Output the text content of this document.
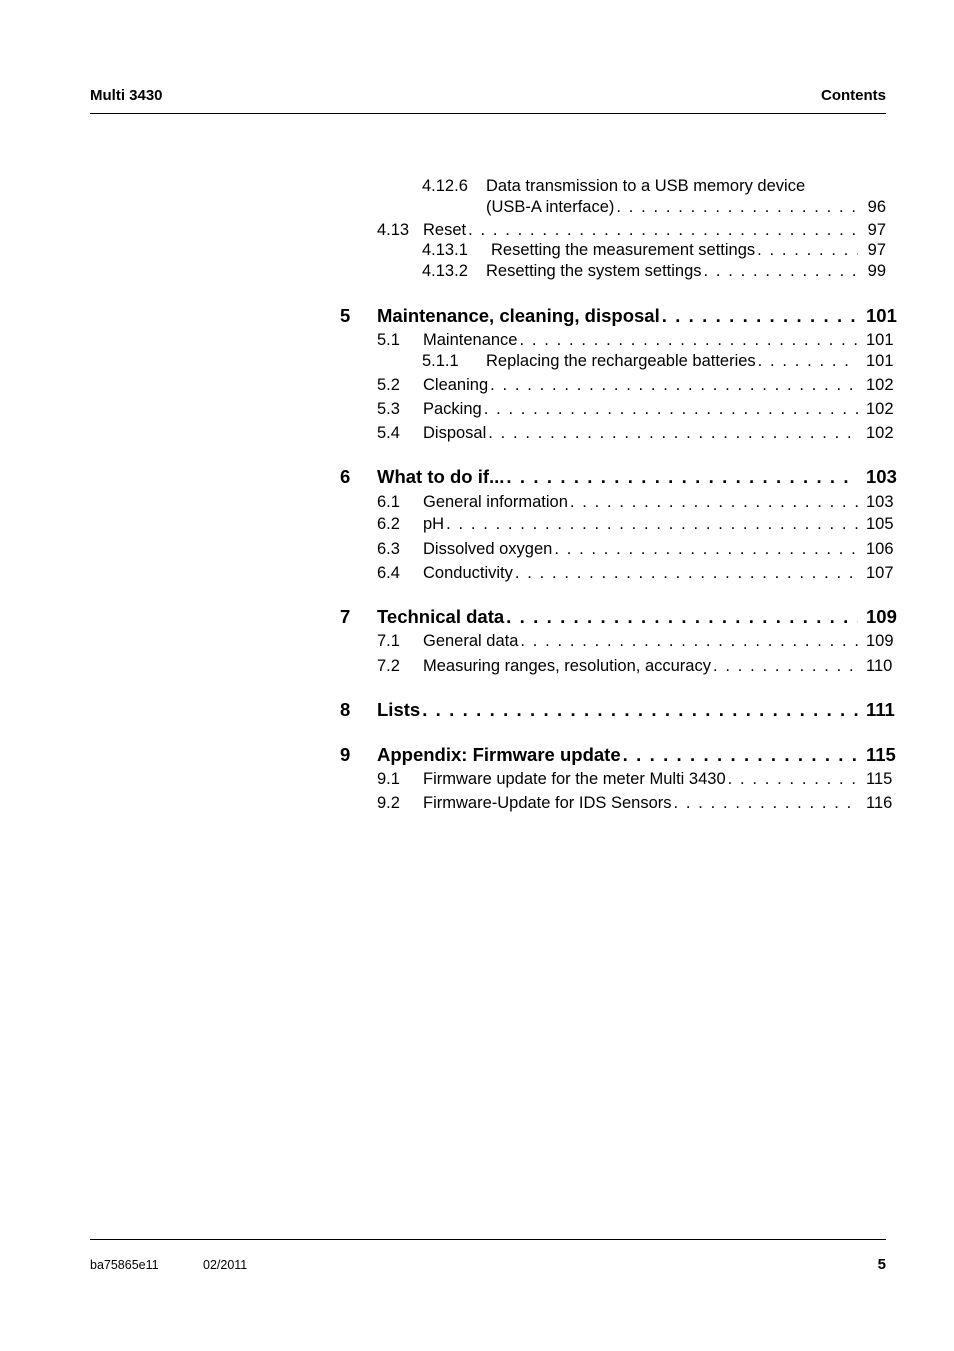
Multi 3430	Contents
4.12.6 Data transmission to a USB memory device
(USB-A interface) . . .	96
4.13 Reset . . .	97
4.13.1 Resetting the measurement settings . . .	97
4.13.2 Resetting the system settings . . .	99
5 Maintenance, cleaning, disposal . . .	101
5.1 Maintenance . . .	101
5.1.1 Replacing the rechargeable batteries . . .	101
5.2 Cleaning . . .	102
5.3 Packing . . .	102
5.4 Disposal . . .	102
6 What to do if... . . .	103
6.1 General information . . .	103
6.2 pH . . .	105
6.3 Dissolved oxygen . . .	106
6.4 Conductivity . . .	107
7 Technical data . . .	109
7.1 General data . . .	109
7.2 Measuring ranges, resolution, accuracy . . .	110
8 Lists . . .	111
9 Appendix: Firmware update . . .	115
9.1 Firmware update for the meter Multi 3430 . . .	115
9.2 Firmware-Update for IDS Sensors . . .	116
ba75865e11	02/2011	5
